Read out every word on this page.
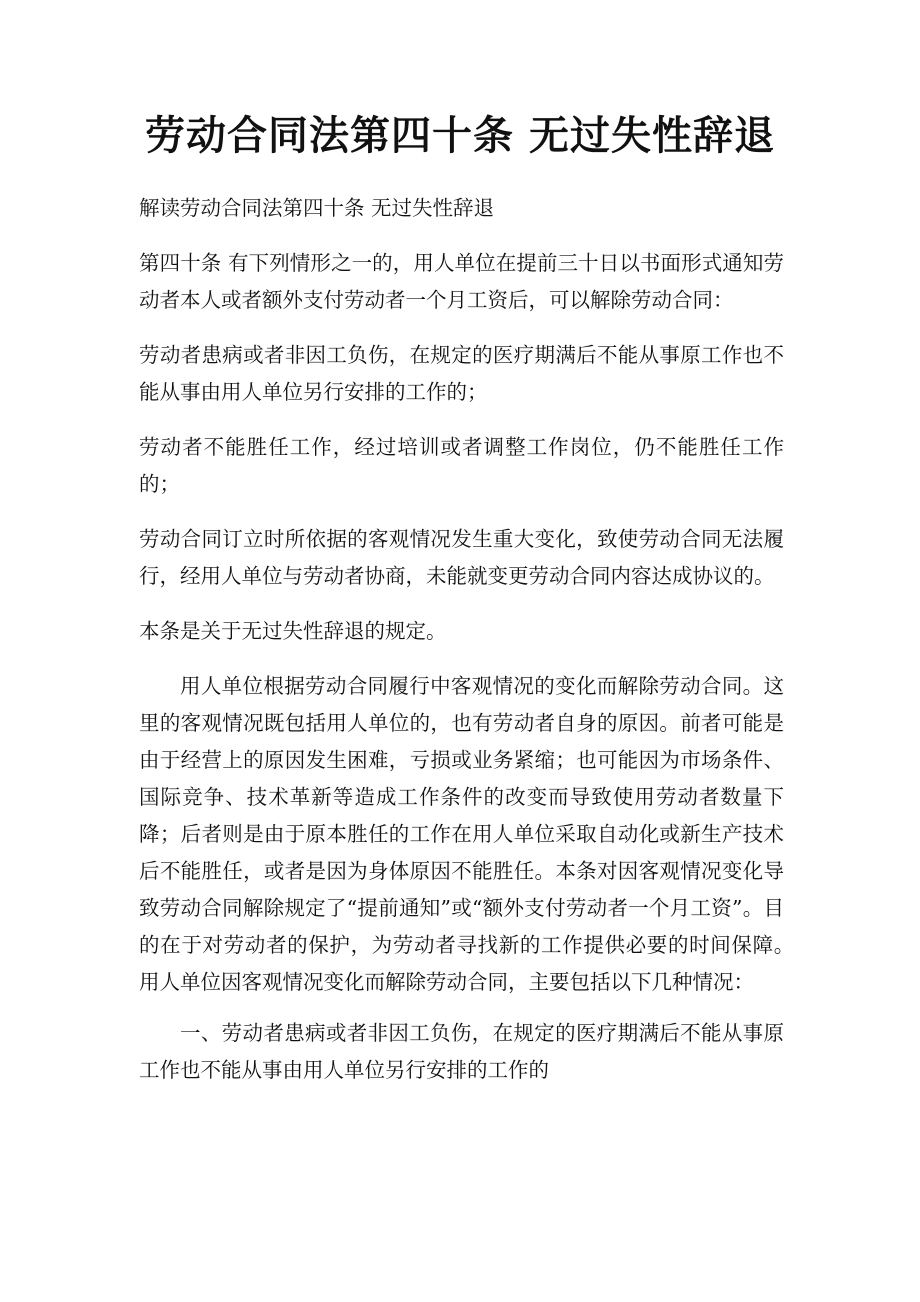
劳动合同法第四十条 无过失性辞退

解读劳动合同法第四十条 无过失性辞退

第四十条 有下列情形之一的，用人单位在提前三十日以书面形式通知劳动者本人或者额外支付劳动者一个月工资后，可以解除劳动合同：

劳动者患病或者非因工负伤，在规定的医疗期满后不能从事原工作也不能从事由用人单位另行安排的工作的；

劳动者不能胜任工作，经过培训或者调整工作岗位，仍不能胜任工作的；

劳动合同订立时所依据的客观情况发生重大变化，致使劳动合同无法履行，经用人单位与劳动者协商，未能就变更劳动合同内容达成协议的。

本条是关于无过失性辞退的规定。

用人单位根据劳动合同履行中客观情况的变化而解除劳动合同。这里的客观情况既包括用人单位的，也有劳动者自身的原因。前者可能是由于经营上的原因发生困难，亏损或业务紧缩；也可能因为市场条件、国际竞争、技术革新等造成工作条件的改变而导致使用劳动者数量下降；后者则是由于原本胜任的工作在用人单位采取自动化或新生产技术后不能胜任，或者是因为身体原因不能胜任。本条对因客观情况变化导致劳动合同解除规定了“提前通知”或“额外支付劳动者一个月工资”。目的在于对劳动者的保护，为劳动者寻找新的工作提供必要的时间保障。　　用人单位因客观情况变化而解除劳动合同，主要包括以下几种情况：

一、劳动者患病或者非因工负伤，在规定的医疗期满后不能从事原工作也不能从事由用人单位另行安排的工作的
